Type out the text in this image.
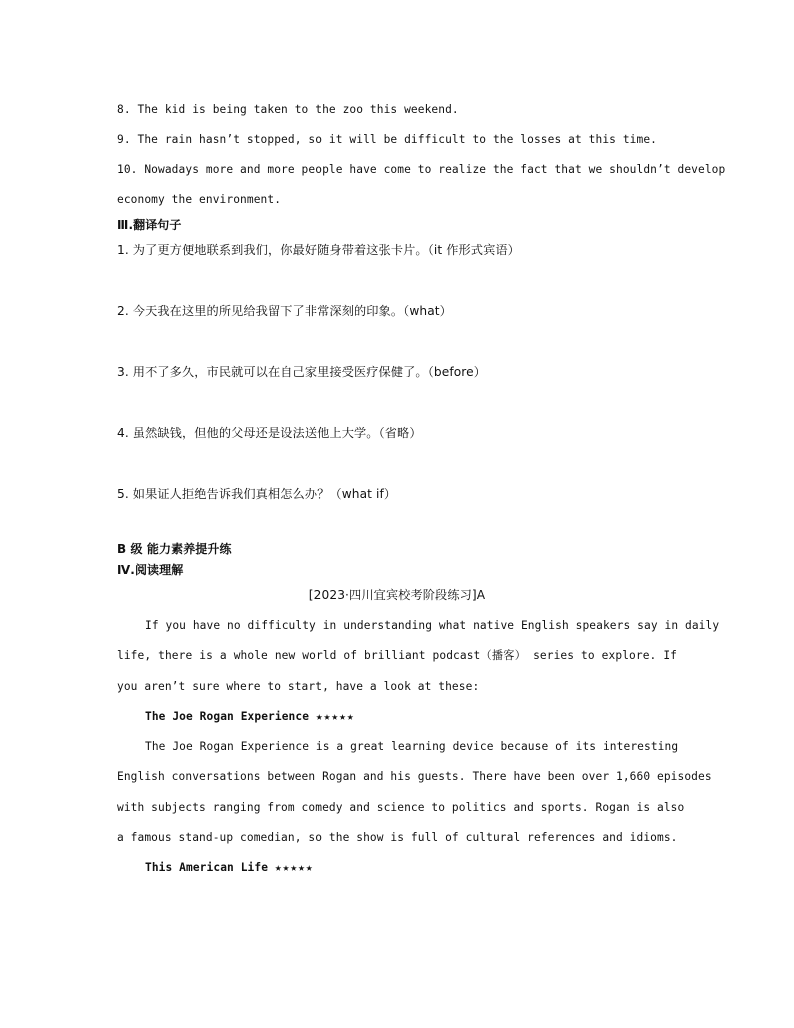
8. The kid is being taken to the zoo this weekend.
9. The rain hasn’t stopped, so it will be difficult to the losses at this time.
10. Nowadays more and more people have come to realize the fact that we shouldn’t develop
economy the environment.
Ⅲ.翻译句子
1. 为了更方便地联系到我们，你最好随身带着这张卡片。（it 作形式宾语）
2. 今天我在这里的所见给我留下了非常深刻的印象。（what）
3. 用不了多久，市民就可以在自己家里接受医疗保健了。（before）
4. 虽然缺钱，但他的父母还是设法送他上大学。（省略）
5. 如果证人拒绝告诉我们真相怎么办？（what if）
B 级 能力素养提升练
Ⅳ.阅读理解
[2023·四川宜宾校考阶段练习]A
If you have no difficulty in understanding what native English speakers say in daily
life, there is a whole new world of brilliant podcast（播客） series to explore. If
you aren’t sure where to start, have a look at these:
The Joe Rogan Experience ★★★★★
The Joe Rogan Experience is a great learning device because of its interesting
English conversations between Rogan and his guests. There have been over 1,660 episodes
with subjects ranging from comedy and science to politics and sports. Rogan is also
a famous stand-up comedian, so the show is full of cultural references and idioms.
This American Life ★★★★★
